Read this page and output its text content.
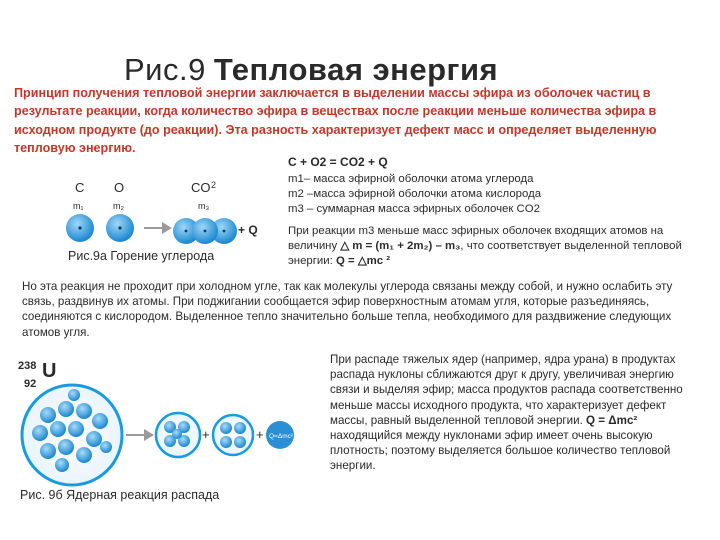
Рис.9 Тепловая энергия
Принцип получения тепловой энергии заключается в выделении массы эфира из оболочек частиц в результате реакции, когда количество эфира в веществах после реакции меньше количества эфира в исходном продукте (до реакции). Эта разность характеризует дефект масс и определяет выделенную тепловую энергию.
C O	CO 2
m₁	m₂	m₃
+ Q
Рис.9а Горение углерода
C + O2 = CO2 + Q
m1– масса эфирной оболочки атома углерода
m2 –масса эфирной оболочки атома кислорода
m3 – суммарная масса эфирных оболочек CO2
При реакции m3 меньше масс эфирных оболочек входящих атомов на величину △ m = (m₁ + 2m₂) – m₃, что соответствует выделенной тепловой энергии: Q = △mc ²
Но эта реакция не проходит при холодном угле, так как молекулы углерода связаны между собой, и нужно ослабить эту связь, раздвинув их атомы. При поджигании сообщается эфир поверхностным атомам угля, которые разъединяясь, соединяются с кислородом. Выделенное тепло значительно больше тепла, необходимого для раздвижение следующих атомов угля.
238 U
92
+	+ Q=Δmc²
Рис. 9б Ядерная реакция распада
При распаде тяжелых ядер (например, ядра урана) в продуктах распада нуклоны сближаются друг к другу, увеличивая энергию связи и выделяя эфир; масса продуктов распада соответственно меньше массы исходного продукта, что характеризует дефект массы, равный выделенной тепловой энергии. Q = Δmc²
находящийся между нуклонами эфир имеет очень высокую плотность; поэтому выделяется большое количество тепловой энергии.
